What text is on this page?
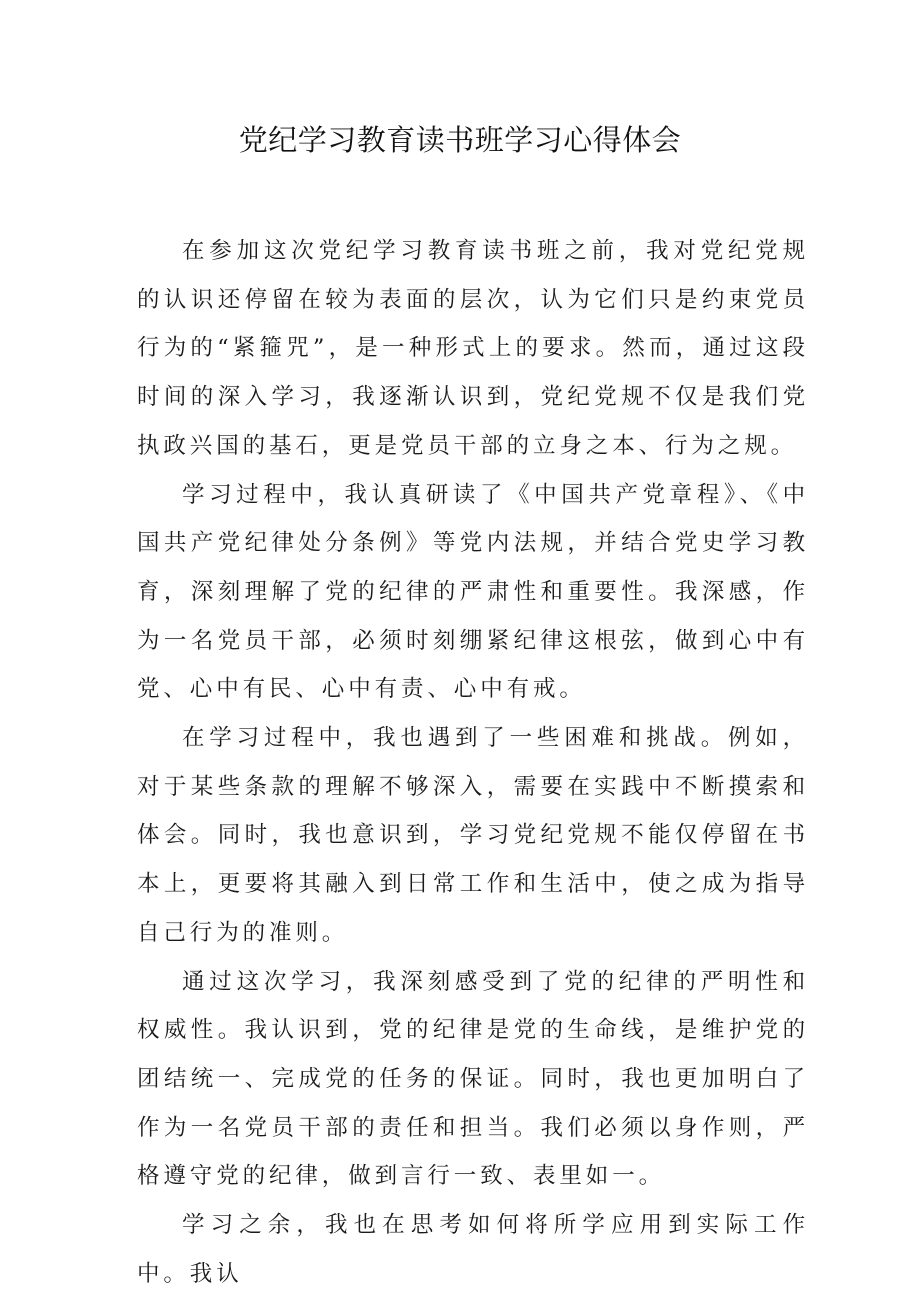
党纪学习教育读书班学习心得体会

在参加这次党纪学习教育读书班之前，我对党纪党规的认识还停留在较为表面的层次，认为它们只是约束党员行为的“紧箍咒”，是一种形式上的要求。然而，通过这段时间的深入学习，我逐渐认识到，党纪党规不仅是我们党执政兴国的基石，更是党员干部的立身之本、行为之规。

学习过程中，我认真研读了《中国共产党章程》、《中国共产党纪律处分条例》等党内法规，并结合党史学习教育，深刻理解了党的纪律的严肃性和重要性。我深感，作为一名党员干部，必须时刻绷紧纪律这根弦，做到心中有党、心中有民、心中有责、心中有戒。

在学习过程中，我也遇到了一些困难和挑战。例如，对于某些条款的理解不够深入，需要在实践中不断摸索和体会。同时，我也意识到，学习党纪党规不能仅停留在书本上，更要将其融入到日常工作和生活中，使之成为指导自己行为的准则。

通过这次学习，我深刻感受到了党的纪律的严明性和权威性。我认识到，党的纪律是党的生命线，是维护党的团结统一、完成党的任务的保证。同时，我也更加明白了作为一名党员干部的责任和担当。我们必须以身作则，严格遵守党的纪律，做到言行一致、表里如一。

学习之余，我也在思考如何将所学应用到实际工作中。我认
